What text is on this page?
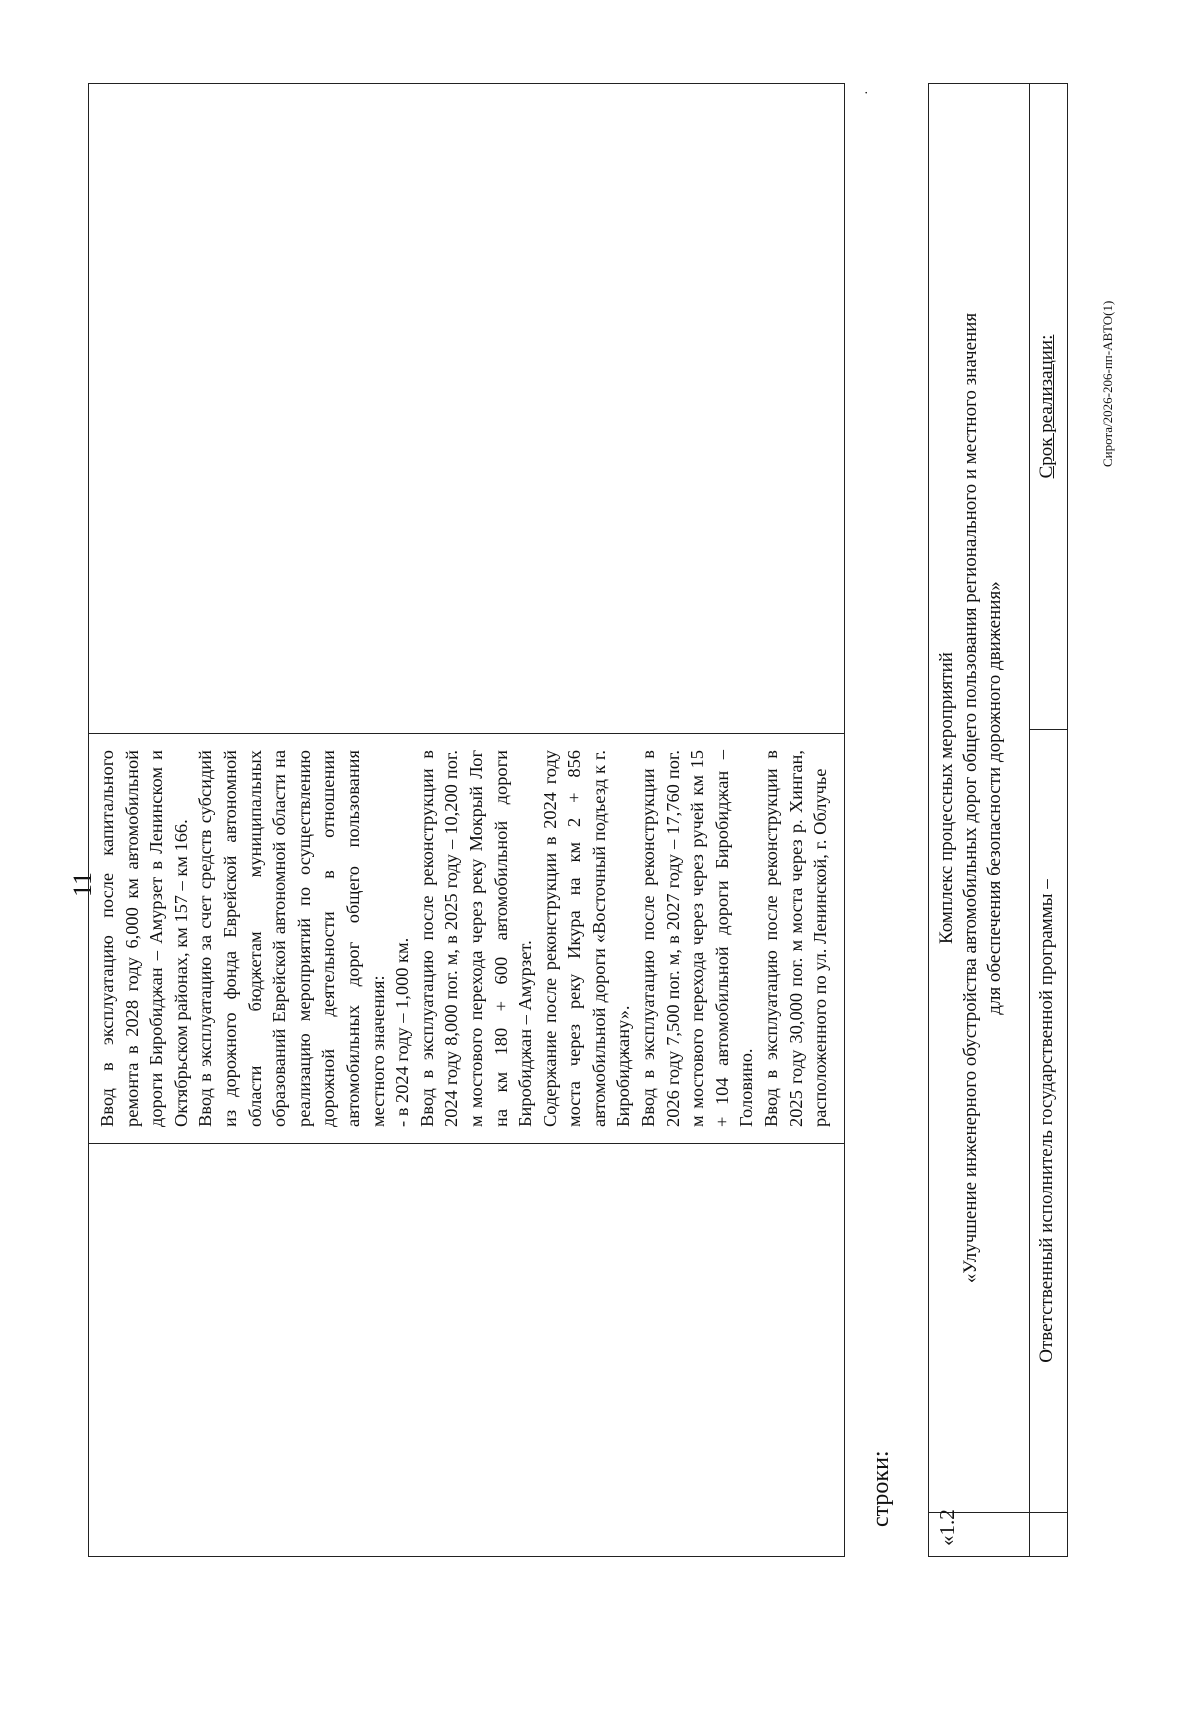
11 Ввод в эксплуатацию после капитального ремонта в 2028 году 6,000 км автомобильной дороги Биробиджан – Амурзет в Ленинском и Октябрьском районах, км 157 – км 166. Ввод в эксплуатацию за счет средств субсидий из дорожного фонда Еврейской автономной области бюджетам муниципальных образований Еврейской автономной области на реализацию мероприятий по осуществлению дорожной деятельности в отношении автомобильных дорог общего пользования местного значения: - в 2024 году – 1,000 км. Ввод в эксплуатацию после реконструкции в 2024 году 8,000 пог. м, в 2025 году – 10,200 пог. м мостового перехода через реку Мокрый Лог на км 180 + 600 автомобильной дороги Биробиджан – Амурзет. Содержание после реконструкции в 2024 году моста через реку Икура на км 2 + 856 автомобильной дороги «Восточный подъезд к г. Биробиджану». Ввод в эксплуатацию после реконструкции в 2026 году 7,500 пог. м, в 2027 году – 17,760 пог. м мостового перехода через через ручей км 15 + 104 автомобильной дороги Биробиджан – Головино. Ввод в эксплуатацию после реконструкции в 2025 году 30,000 пог. м моста через р. Хинган, расположенного по ул. Ленинской, г. Облучье

строки:
·
«1.2
Комплекс процессных мероприятий «Улучшение инженерного обустройства автомобильных дорог общего пользования регионального и местного значения для обеспечения безопасности дорожного движения»
Ответственный исполнитель государственной программы –
Срок реализации:	Сирота/2026-206-пп-АВТО(1)
